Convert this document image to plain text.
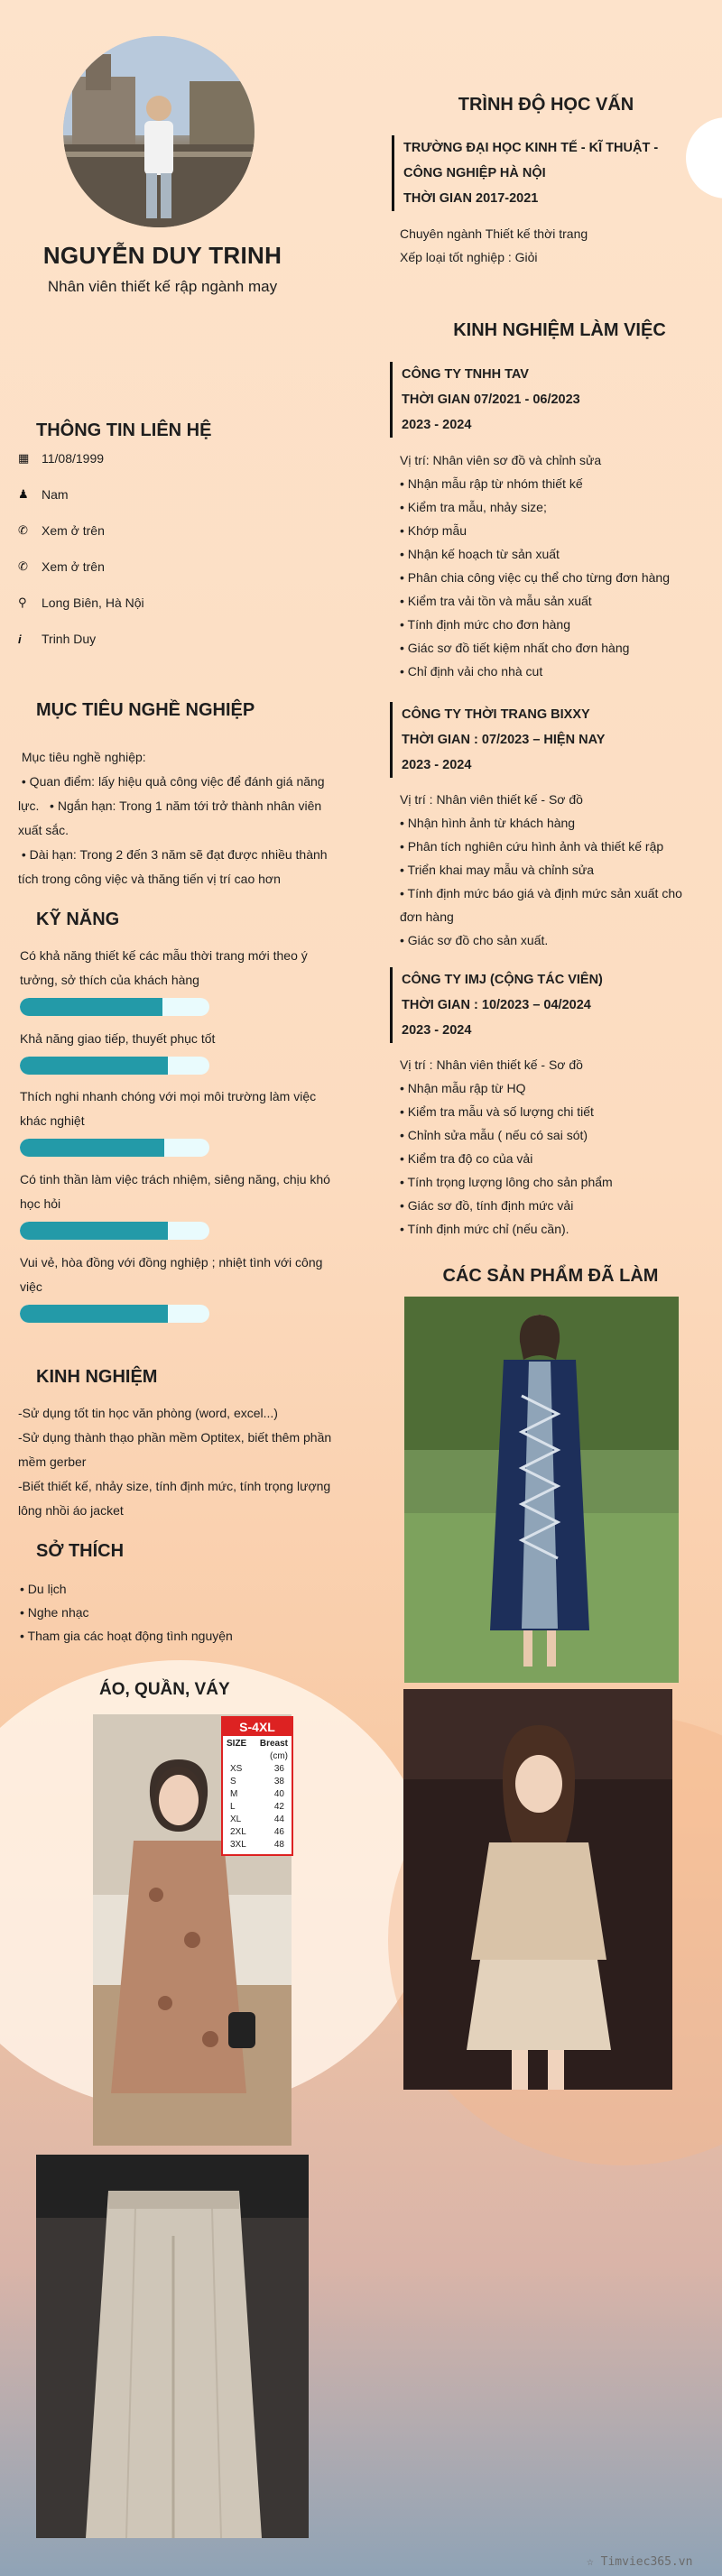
NGUYỄN DUY TRINH
Nhân viên thiết kế rập ngành may
TRÌNH ĐỘ HỌC VẤN
TRƯỜNG ĐẠI HỌC KINH TẾ - KĨ THUẬT -
CÔNG NGHIỆP HÀ NỘI
THỜI GIAN 2017-2021
Chuyên ngành Thiết kế thời trang
Xếp loại tốt nghiệp : Giỏi
KINH NGHIỆM LÀM VIỆC
CÔNG TY TNHH TAV
THỜI GIAN 07/2021 - 06/2023
2023 - 2024
Vị trí: Nhân viên sơ đồ và chỉnh sửa
• Nhận mẫu rập từ nhóm thiết kế
• Kiểm tra mẫu, nhảy size;
• Khớp mẫu
• Nhận kế hoạch từ sản xuất
• Phân chia công việc cụ thể cho từng đơn hàng
• Kiểm tra vải tồn và mẫu sản xuất
• Tính định mức cho đơn hàng
• Giác sơ đồ tiết kiệm nhất cho đơn hàng
• Chỉ định vải cho nhà cut
CÔNG TY THỜI TRANG BIXXY
THỜI GIAN : 07/2023 – HIỆN NAY
2023 - 2024
Vị trí : Nhân viên thiết kế - Sơ đồ
• Nhận hình ảnh từ khách hàng
• Phân tích nghiên cứu hình ảnh và thiết kế rập
• Triển khai may mẫu và chỉnh sửa
• Tính định mức báo giá và định mức sản xuất cho đơn hàng
• Giác sơ đồ cho sản xuất.
CÔNG TY IMJ (CỘNG TÁC VIÊN)
THỜI GIAN : 10/2023 – 04/2024
2023 - 2024
Vị trí : Nhân viên thiết kế - Sơ đồ
• Nhận mẫu rập từ HQ
• Kiểm tra mẫu và số lượng chi tiết
• Chỉnh sửa mẫu ( nếu có sai sót)
• Kiểm tra độ co của vải
• Tính trọng lượng lông cho sản phẩm
• Giác sơ đồ, tính định mức vải
• Tính định mức chỉ (nếu cần).
THÔNG TIN LIÊN HỆ
▦ 11/08/1999
♟	Nam
✆	Xem ở trên
✆	Xem ở trên
⚲	Long Biên, Hà Nội
i	Trinh Duy
MỤC TIÊU NGHỀ NGHIỆP
Mục tiêu nghề nghiệp:
• Quan điểm: lấy hiệu quả công việc để đánh giá năng
lực.   • Ngắn hạn: Trong 1 năm tới trở thành nhân viên
xuất sắc.
• Dài hạn: Trong 2 đến 3 năm sẽ đạt được nhiều thành
tích trong công việc và thăng tiến vị trí cao hơn
KỸ NĂNG
Có khả năng thiết kế các mẫu thời trang mới theo ý
tưởng, sở thích của khách hàng
Khả năng giao tiếp, thuyết phục tốt
Thích nghi nhanh chóng với mọi môi trường làm việc
khác nghiệt
Có tinh thần làm việc trách nhiệm, siêng năng, chịu khó
học hỏi
Vui vẻ, hòa đồng với đồng nghiệp ; nhiệt tình với công
việc
KINH NGHIỆM
-Sử dụng tốt tin học văn phòng (word, excel...)
-Sử dụng thành thạo phần mềm Optitex, biết thêm phần
mềm gerber
-Biết thiết kế, nhảy size, tính định mức, tính trọng lượng
lông nhồi áo jacket
SỞ THÍCH
• Du lịch
• Nghe nhạc
• Tham gia các hoạt động tình nguyện
CÁC SẢN PHẨM ĐÃ LÀM
ÁO, QUẦN, VÁY
S-4XL
SIZE Breast
(cm)
XS	36
S	38
M	40
L	42
XL	44
2XL	46
3XL	48
☆ Timviec365.vn
